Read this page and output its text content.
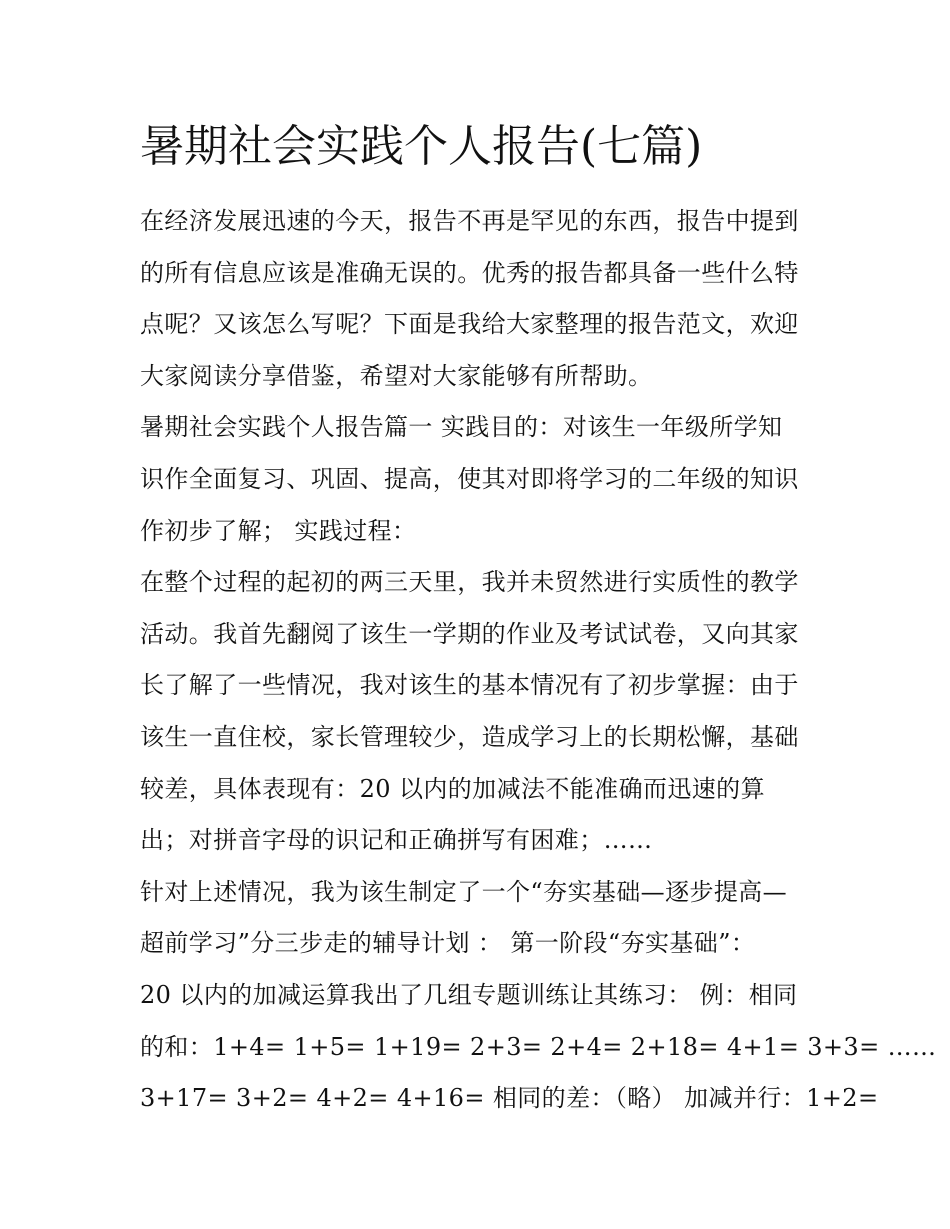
暑期社会实践个人报告(七篇)
在经济发展迅速的今天，报告不再是罕见的东西，报告中提到
的所有信息应该是准确无误的。优秀的报告都具备一些什么特
点呢？又该怎么写呢？下面是我给大家整理的报告范文，欢迎
大家阅读分享借鉴，希望对大家能够有所帮助。
暑期社会实践个人报告篇一 实践目的：对该生一年级所学知
识作全面复习、巩固、提高，使其对即将学习的二年级的知识
作初步了解； 实践过程：
在整个过程的起初的两三天里，我并未贸然进行实质性的教学
活动。我首先翻阅了该生一学期的作业及考试试卷，又向其家
长了解了一些情况，我对该生的基本情况有了初步掌握：由于
该生一直住校，家长管理较少，造成学习上的长期松懈，基础
较差，具体表现有：20 以内的加减法不能准确而迅速的算
出；对拼音字母的识记和正确拼写有困难；……
针对上述情况，我为该生制定了一个“夯实基础—逐步提高—
超前学习”分三步走的辅导计划 ： 第一阶段“夯实基础”：
20 以内的加减运算我出了几组专题训练让其练习： 例：相同
的和：1+4= 1+5= 1+19= 2+3= 2+4= 2+18= 4+1= 3+3= ……
3+17= 3+2= 4+2= 4+16= 相同的差：（略） 加减并行：1+2=
